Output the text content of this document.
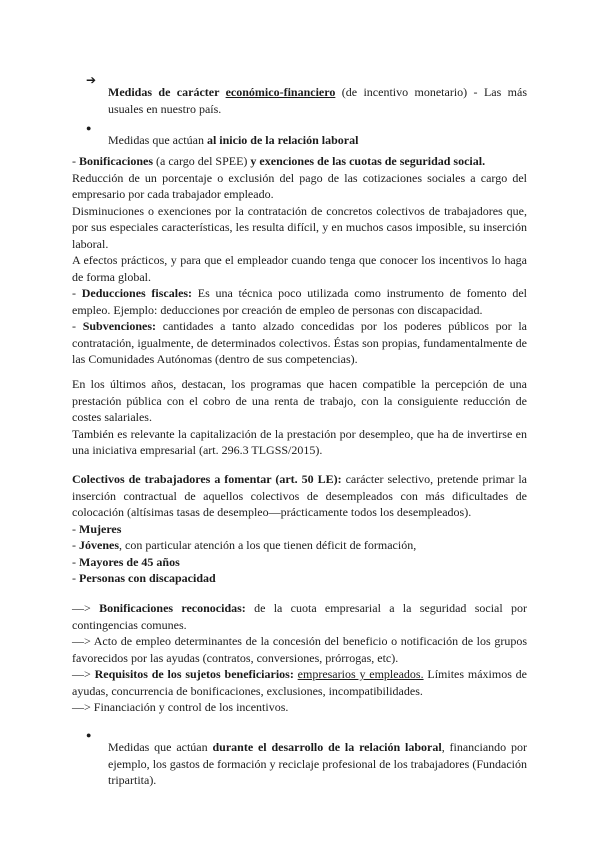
➔

Medidas de carácter económico-financiero (de incentivo monetario) - Las más usuales en nuestro país.

●

Medidas que actúan al inicio de la relación laboral

- Bonificaciones (a cargo del SPEE) y exenciones de las cuotas de seguridad social.

Reducción de un porcentaje o exclusión del pago de las cotizaciones sociales a cargo del empresario por cada trabajador empleado.

Disminuciones o exenciones por la contratación de concretos colectivos de trabajadores que, por sus especiales características, les resulta difícil, y en muchos casos imposible, su inserción laboral.

A efectos prácticos, y para que el empleador cuando tenga que conocer los incentivos lo haga de forma global.

- Deducciones fiscales: Es una técnica poco utilizada como instrumento de fomento del empleo. Ejemplo: deducciones por creación de empleo de personas con discapacidad.

- Subvenciones: cantidades a tanto alzado concedidas por los poderes públicos por la contratación, igualmente, de determinados colectivos. Éstas son propias, fundamentalmente de las Comunidades Autónomas (dentro de sus competencias).

En los últimos años, destacan, los programas que hacen compatible la percepción de una prestación pública con el cobro de una renta de trabajo, con la consiguiente reducción de costes salariales.

También es relevante la capitalización de la prestación por desempleo, que ha de invertirse en una iniciativa empresarial (art. 296.3 TLGSS/2015).

Colectivos de trabajadores a fomentar (art. 50 LE): carácter selectivo, pretende primar la inserción contractual de aquellos colectivos de desempleados con más dificultades de colocación (altísimas tasas de desempleo—prácticamente todos los desempleados).

- Mujeres

- Jóvenes, con particular atención a los que tienen déficit de formación,

- Mayores de 45 años

- Personas con discapacidad

—> Bonificaciones reconocidas: de la cuota empresarial a la seguridad social por contingencias comunes.

—> Acto de empleo determinantes de la concesión del beneficio o notificación de los grupos favorecidos por las ayudas (contratos, conversiones, prórrogas, etc).

—> Requisitos de los sujetos beneficiarios: empresarios y empleados. Límites máximos de ayudas, concurrencia de bonificaciones, exclusiones, incompatibilidades.

—> Financiación y control de los incentivos.

●

Medidas que actúan durante el desarrollo de la relación laboral, financiando por ejemplo, los gastos de formación y reciclaje profesional de los trabajadores (Fundación tripartita).
